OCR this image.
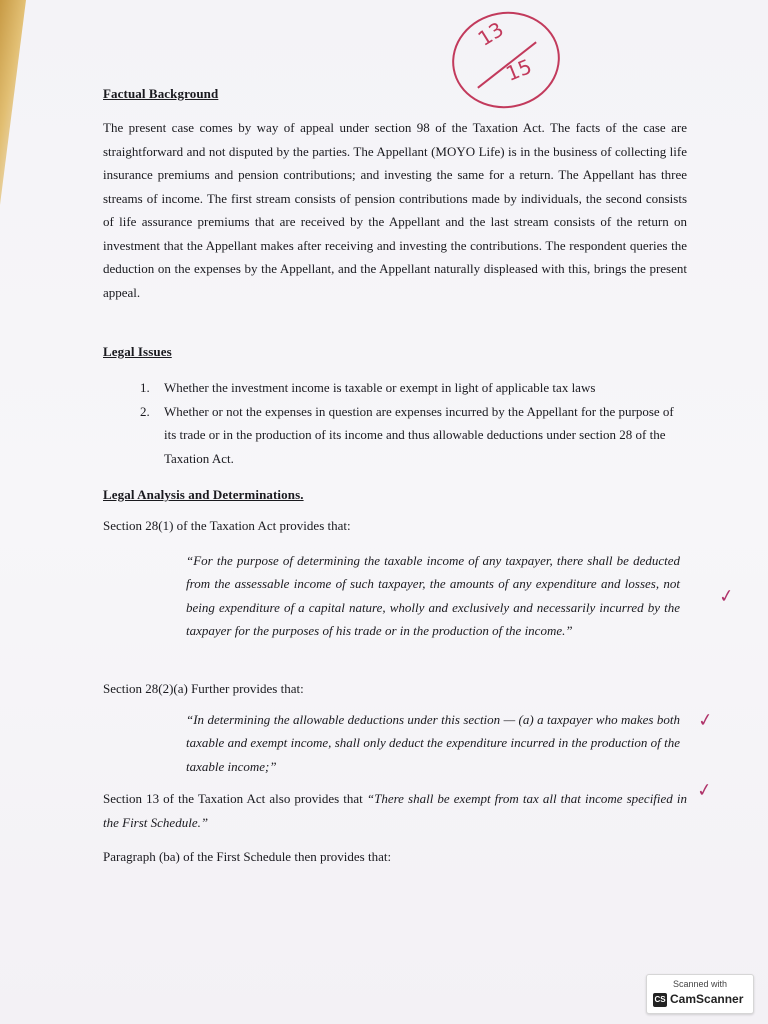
13
15
Factual Background
The present case comes by way of appeal under section 98 of the Taxation Act. The facts of the case are straightforward and not disputed by the parties. The Appellant (MOYO Life) is in the business of collecting life insurance premiums and pension contributions; and investing the same for a return. The Appellant has three streams of income. The first stream consists of pension contributions made by individuals, the second consists of life assurance premiums that are received by the Appellant and the last stream consists of the return on investment that the Appellant makes after receiving and investing the contributions. The respondent queries the deduction on the expenses by the Appellant, and the Appellant naturally displeased with this, brings the present appeal.
Legal Issues
1. Whether the investment income is taxable or exempt in light of applicable tax laws
2. Whether or not the expenses in question are expenses incurred by the Appellant for the purpose of its trade or in the production of its income and thus allowable deductions under section 28 of the Taxation Act.
Legal Analysis and Determinations.
Section 28(1) of the Taxation Act provides that:
“For the purpose of determining the taxable income of any taxpayer, there shall be deducted from the assessable income of such taxpayer, the amounts of any expenditure and losses, not being expenditure of a capital nature, wholly and exclusively and necessarily incurred by the taxpayer for the purposes of his trade or in the production of the income.”
✓
Section 28(2)(a) Further provides that:
“In determining the allowable deductions under this section — (a) a taxpayer who makes both taxable and exempt income, shall only deduct the expenditure incurred in the production of the taxable income;”
✓
Section 13 of the Taxation Act also provides that “There shall be exempt from tax all that income specified in the First Schedule.”
✓
Paragraph (ba) of the First Schedule then provides that:
Scanned with
CS CamScanner
